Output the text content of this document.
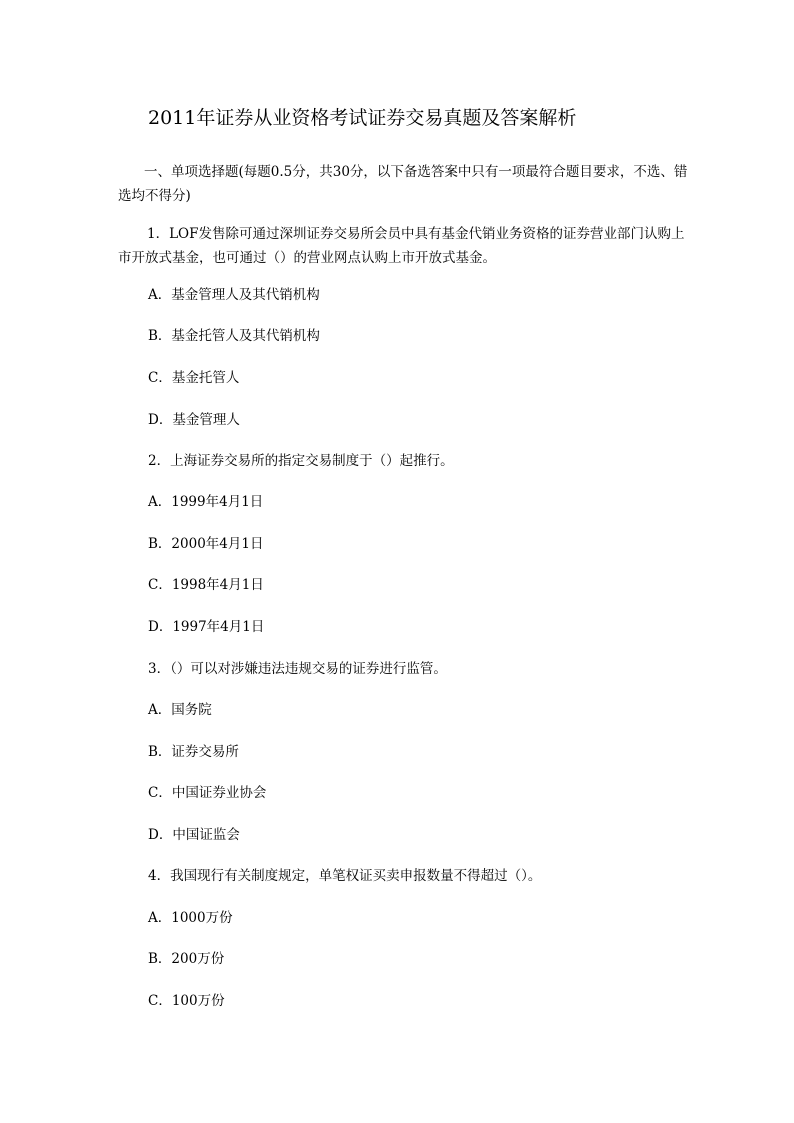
2011年证券从业资格考试证券交易真题及答案解析
一、单项选择题(每题0.5分，共30分，以下备选答案中只有一项最符合题目要求，不选、错选均不得分)
1．LOF发售除可通过深圳证券交易所会员中具有基金代销业务资格的证券营业部门认购上市开放式基金，也可通过（）的营业网点认购上市开放式基金。
A．基金管理人及其代销机构
B．基金托管人及其代销机构
C．基金托管人
D．基金管理人
2．上海证券交易所的指定交易制度于（）起推行。
A．1999年4月1日
B．2000年4月1日
C．1998年4月1日
D．1997年4月1日
3．（）可以对涉嫌违法违规交易的证券进行监管。
A．国务院
B．证券交易所
C．中国证券业协会
D．中国证监会
4．我国现行有关制度规定，单笔权证买卖申报数量不得超过（）。
A．1000万份
B．200万份
C．100万份
